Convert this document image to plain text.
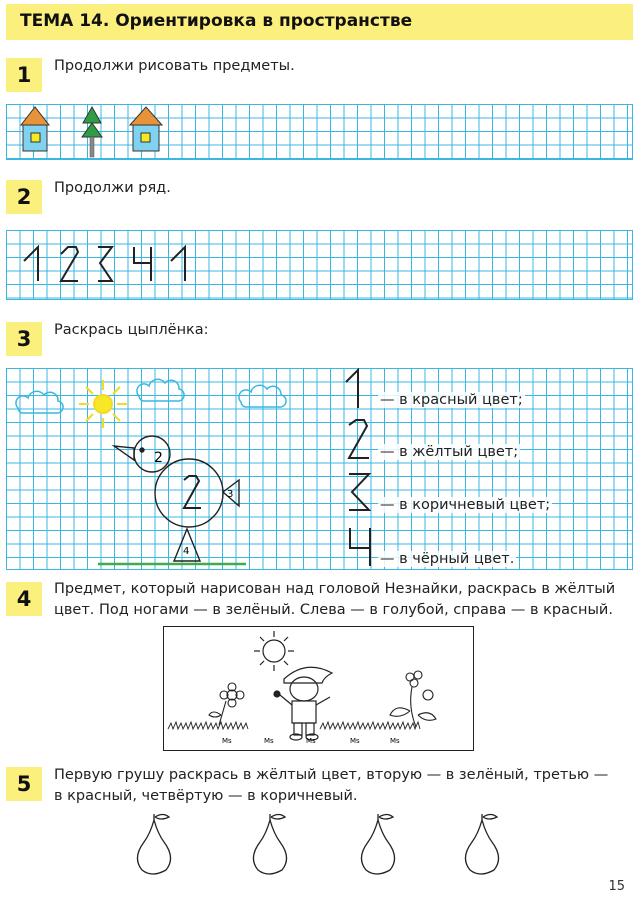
ТЕМА 14. Ориентировка в пространстве
1	Продолжи рисовать предметы.
2	Продолжи ряд.
3	Раскрась цыплёнка:
2
3
4
— в красный цвет;
— в жёлтый цвет;
— в коричневый цвет;
— в чёрный цвет.
4	Предмет, который нарисован над головой Незнайки, раскрась в жёлтый
цвет. Под ногами — в зелёный. Слева — в голубой, справа — в красный.
Ms	Ms	Ms	Ms	Ms
5	Первую грушу раскрась в жёлтый цвет, вторую — в зелёный, третью —
в красный, четвёртую — в коричневый.
15
